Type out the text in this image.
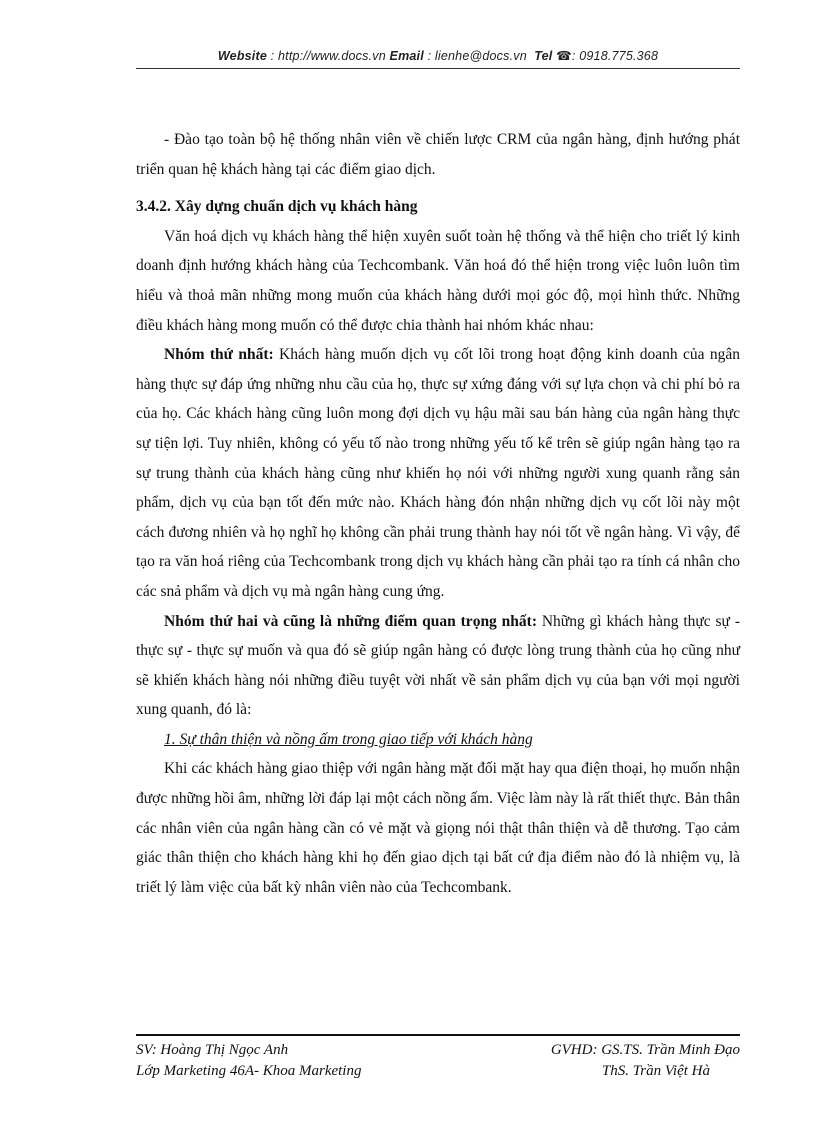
Website : http://www.docs.vn Email : lienhe@docs.vn Tel ☎: 0918.775.368

- Đào tạo toàn bộ hệ thống nhân viên về chiến lược CRM của ngân hàng, định hướng phát triển quan hệ khách hàng tại các điểm giao dịch.

3.4.2. Xây dựng chuẩn dịch vụ khách hàng

Văn hoá dịch vụ khách hàng thể hiện xuyên suốt toàn hệ thống và thể hiện cho triết lý kinh doanh định hướng khách hàng của Techcombank. Văn hoá đó thể hiện trong việc luôn luôn tìm hiểu và thoả mãn những mong muốn của khách hàng dưới mọi góc độ, mọi hình thức. Những điều khách hàng mong muốn có thể được chia thành hai nhóm khác nhau:

Nhóm thứ nhất: Khách hàng muốn dịch vụ cốt lõi trong hoạt động kinh doanh của ngân hàng thực sự đáp ứng những nhu cầu của họ, thực sự xứng đáng với sự lựa chọn và chi phí bỏ ra của họ. Các khách hàng cũng luôn mong đợi dịch vụ hậu mãi sau bán hàng của ngân hàng thực sự tiện lợi. Tuy nhiên, không có yếu tố nào trong những yếu tố kể trên sẽ giúp ngân hàng tạo ra sự trung thành của khách hàng cũng như khiến họ nói với những người xung quanh rằng sản phẩm, dịch vụ của bạn tốt đến mức nào. Khách hàng đón nhận những dịch vụ cốt lõi này một cách đương nhiên và họ nghĩ họ không cần phải trung thành hay nói tốt về ngân hàng. Vì vậy, để tạo ra văn hoá riêng của Techcombank trong dịch vụ khách hàng cần phải tạo ra tính cá nhân cho các snả phẩm và dịch vụ mà ngân hàng cung ứng.

Nhóm thứ hai và cũng là những điểm quan trọng nhất: Những gì khách hàng thực sự - thực sự - thực sự muốn và qua đó sẽ giúp ngân hàng có được lòng trung thành của họ cũng như sẽ khiến khách hàng nói những điều tuyệt vời nhất về sản phẩm dịch vụ của bạn với mọi người xung quanh, đó là:

1. Sự thân thiện và nồng ấm trong giao tiếp với khách hàng

Khi các khách hàng giao thiệp với ngân hàng mặt đối mặt hay qua điện thoại, họ muốn nhận được những hồi âm, những lời đáp lại một cách nồng ấm. Việc làm này là rất thiết thực. Bản thân các nhân viên của ngân hàng cần có vẻ mặt và giọng nói thật thân thiện và dễ thương. Tạo cảm giác thân thiện cho khách hàng khi họ đến giao dịch tại bất cứ địa điểm nào đó là nhiệm vụ, là triết lý làm việc của bất kỳ nhân viên nào của Techcombank.

SV: Hoàng Thị Ngọc Anh	GVHD: GS.TS. Trần Minh Đạo
Lớp Marketing 46A- Khoa Marketing	ThS. Trần Việt Hà
